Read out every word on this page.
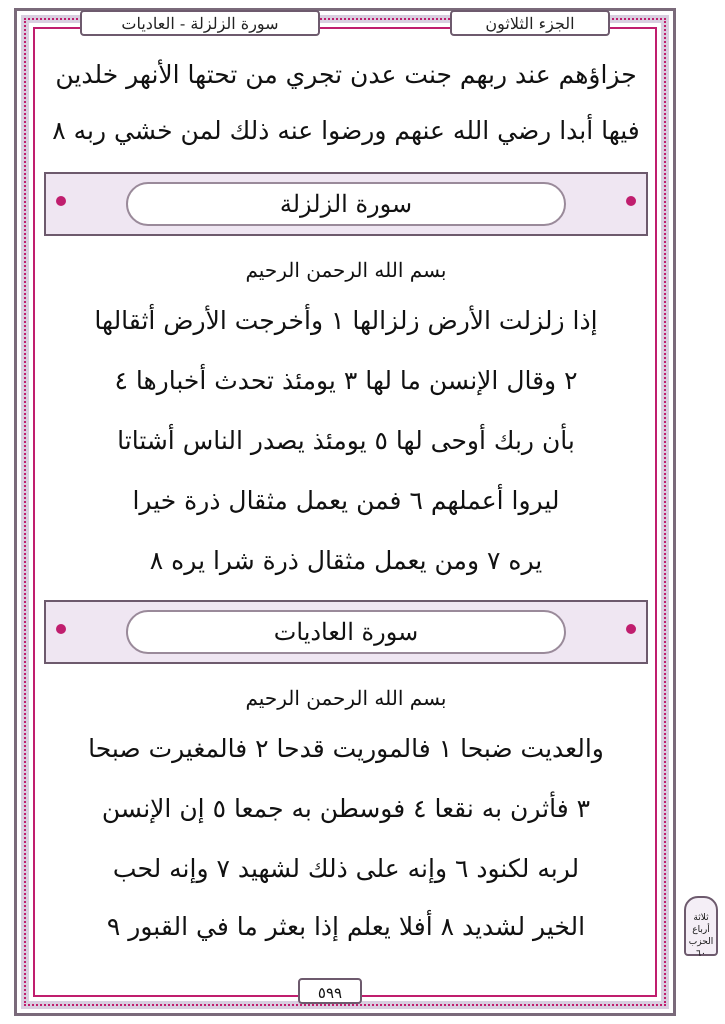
سورة الزلزلة - العاديات	الجزء الثلاثون
جزاؤهم عند ربهم جنت عدن تجري من تحتها الأنهر خلدين
فيها أبدا رضي الله عنهم ورضوا عنه ذلك لمن خشي ربه ٨
سورة الزلزلة
بسم الله الرحمن الرحيم
إذا زلزلت الأرض زلزالها ١ وأخرجت الأرض أثقالها
٢ وقال الإنسن ما لها ٣ يومئذ تحدث أخبارها ٤
بأن ربك أوحى لها ٥ يومئذ يصدر الناس أشتاتا
ليروا أعملهم ٦ فمن يعمل مثقال ذرة خيرا
يره ٧ ومن يعمل مثقال ذرة شرا يره ٨
سورة العاديات
بسم الله الرحمن الرحيم
والعديت ضبحا ١ فالموريت قدحا ٢ فالمغيرت صبحا
٣ فأثرن به نقعا ٤ فوسطن به جمعا ٥ إن الإنسن
لربه لكنود ٦ وإنه على ذلك لشهيد ٧ وإنه لحب
الخير لشديد ٨ أفلا يعلم إذا بعثر ما في القبور ٩
٥٩٩
ثلاثة أرباع الحزب
٦٠
